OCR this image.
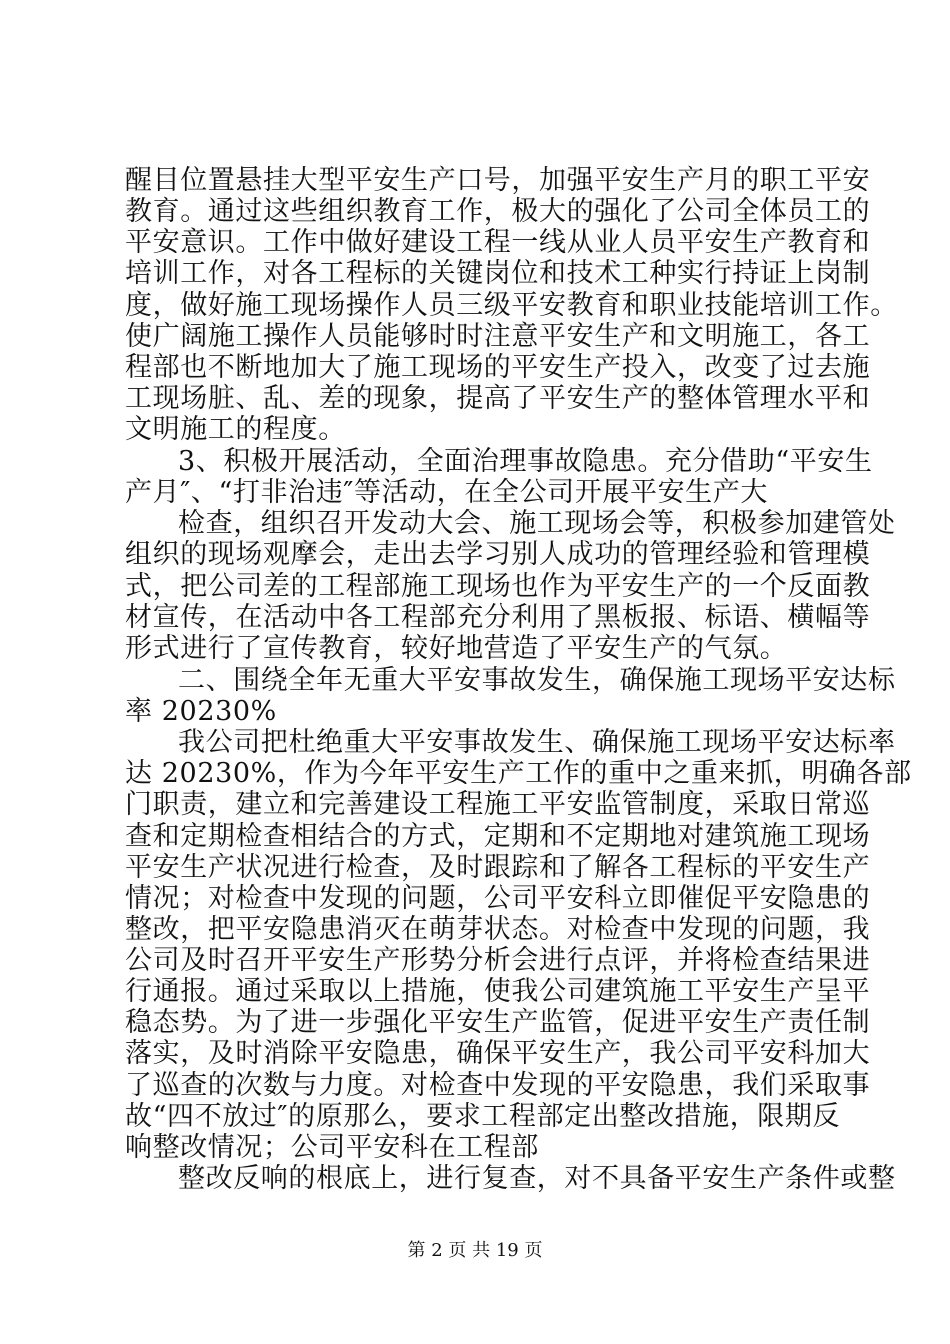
醒目位置悬挂大型平安生产口号，加强平安生产月的职工平安
教育。通过这些组织教育工作，极大的强化了公司全体员工的
平安意识。工作中做好建设工程一线从业人员平安生产教育和
培训工作，对各工程标的关键岗位和技术工种实行持证上岗制
度，做好施工现场操作人员三级平安教育和职业技能培训工作。
使广阔施工操作人员能够时时注意平安生产和文明施工，各工
程部也不断地加大了施工现场的平安生产投入，改变了过去施
工现场脏、乱、差的现象，提高了平安生产的整体管理水平和
文明施工的程度。
3、积极开展活动，全面治理事故隐患。充分借助“平安生
产月″、“打非治违″等活动，在全公司开展平安生产大
检查，组织召开发动大会、施工现场会等，积极参加建管处
组织的现场观摩会，走出去学习别人成功的管理经验和管理模
式，把公司差的工程部施工现场也作为平安生产的一个反面教
材宣传，在活动中各工程部充分利用了黑板报、标语、横幅等
形式进行了宣传教育，较好地营造了平安生产的气氛。
二、围绕全年无重大平安事故发生，确保施工现场平安达标
率 20230%
我公司把杜绝重大平安事故发生、确保施工现场平安达标率
达 20230%，作为今年平安生产工作的重中之重来抓，明确各部
门职责，建立和完善建设工程施工平安监管制度，采取日常巡
查和定期检查相结合的方式，定期和不定期地对建筑施工现场
平安生产状况进行检查，及时跟踪和了解各工程标的平安生产
情况；对检查中发现的问题，公司平安科立即催促平安隐患的
整改，把平安隐患消灭在萌芽状态。对检查中发现的问题，我
公司及时召开平安生产形势分析会进行点评，并将检查结果进
行通报。通过采取以上措施，使我公司建筑施工平安生产呈平
稳态势。为了进一步强化平安生产监管，促进平安生产责任制
落实，及时消除平安隐患，确保平安生产，我公司平安科加大
了巡查的次数与力度。对检查中发现的平安隐患，我们采取事
故“四不放过″的原那么，要求工程部定出整改措施，限期反
响整改情况；公司平安科在工程部
整改反响的根底上，进行复查，对不具备平安生产条件或整
第 2 页 共 19 页
